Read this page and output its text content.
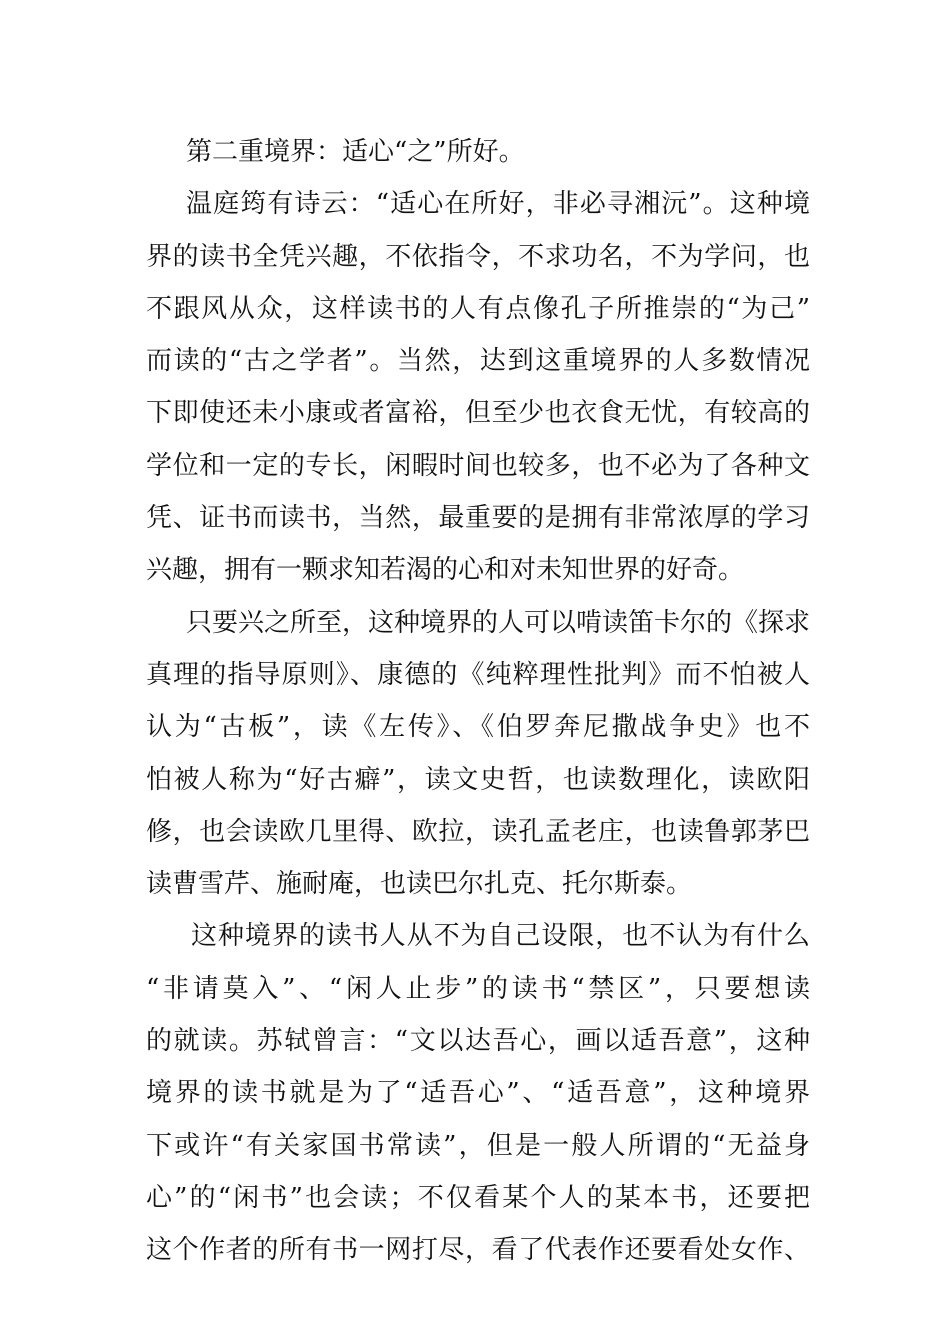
第二重境界：适心“之”所好。
温庭筠有诗云：“适心在所好，非必寻湘沅”。这种境
界的读书全凭兴趣，不依指令，不求功名，不为学问，也
不跟风从众，这样读书的人有点像孔子所推崇的“为己”
而读的“古之学者”。当然，达到这重境界的人多数情况
下即使还未小康或者富裕，但至少也衣食无忧，有较高的
学位和一定的专长，闲暇时间也较多，也不必为了各种文
凭、证书而读书，当然，最重要的是拥有非常浓厚的学习
兴趣，拥有一颗求知若渴的心和对未知世界的好奇。
只要兴之所至，这种境界的人可以啃读笛卡尔的《探求
真理的指导原则》、康德的《纯粹理性批判》而不怕被人
认为“古板”，读《左传》、《伯罗奔尼撒战争史》也不
怕被人称为“好古癖”，读文史哲，也读数理化，读欧阳
修，也会读欧几里得、欧拉，读孔孟老庄，也读鲁郭茅巴
读曹雪芹、施耐庵，也读巴尔扎克、托尔斯泰。
这种境界的读书人从不为自己设限，也不认为有什么
“非请莫入”、“闲人止步”的读书“禁区”，只要想读
的就读。苏轼曾言：“文以达吾心，画以适吾意”，这种
境界的读书就是为了“适吾心”、“适吾意”，这种境界
下或许“有关家国书常读”，但是一般人所谓的“无益身
心”的“闲书”也会读；不仅看某个人的某本书，还要把
这个作者的所有书一网打尽，看了代表作还要看处女作、
